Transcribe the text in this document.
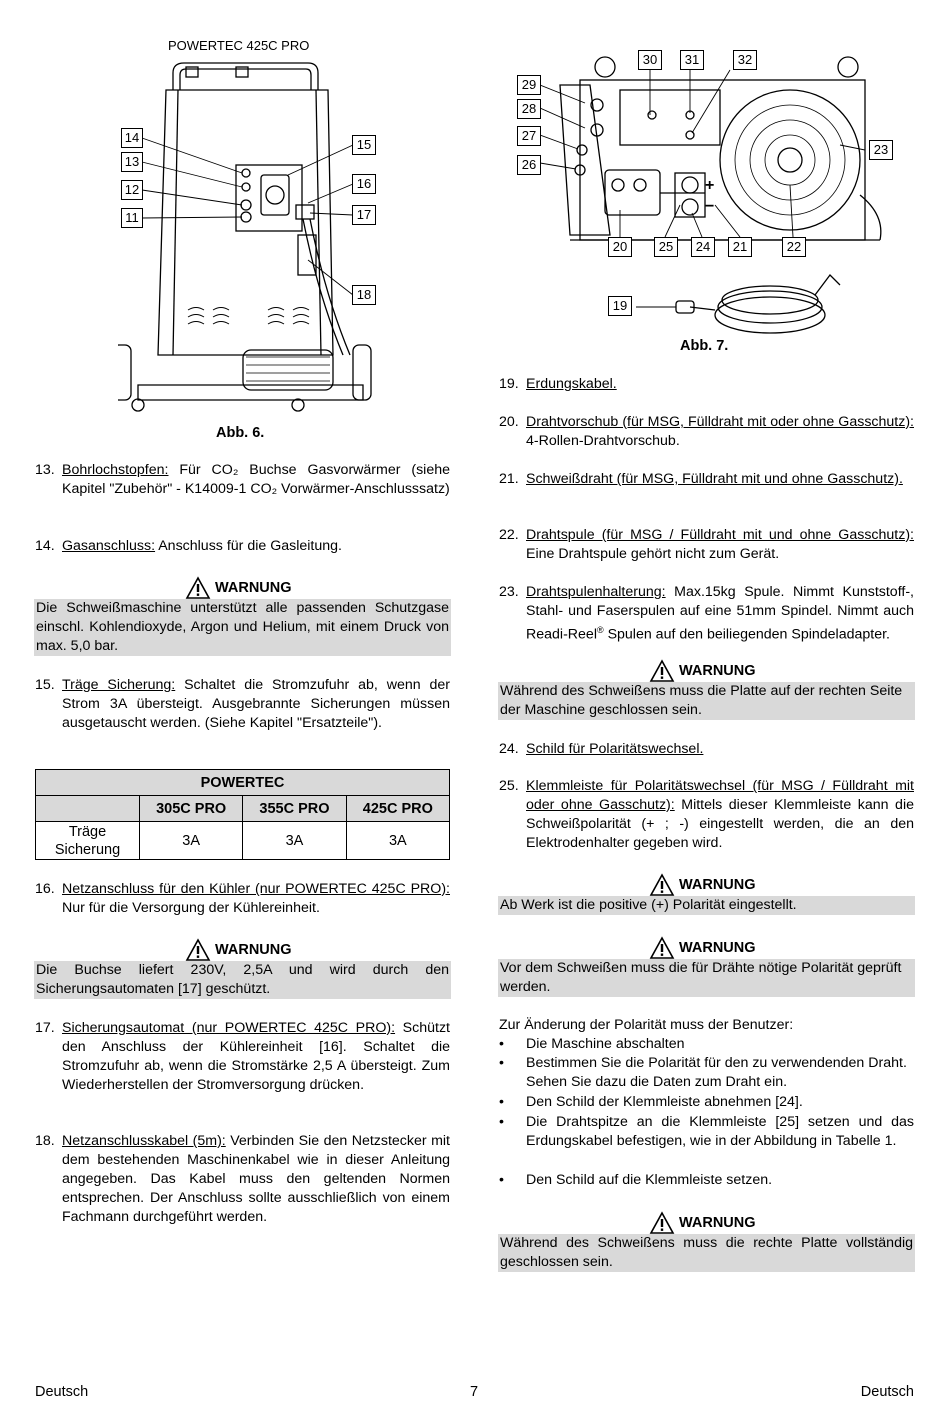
POWERTEC 425C PRO
14
13
12
11
15
16
17
18
Abb. 6.
+
−
29
28
27
26
30	31	32
23
20	25	24	21	22
19
Abb. 7.
13. Bohrlochstopfen: Für CO₂ Buchse Gasvorwärmer (siehe Kapitel "Zubehör" - K14009-1 CO₂ Vorwärmer-Anschlusssatz)
14. Gasanschluss: Anschluss für die Gasleitung.
WARNUNG
Die Schweißmaschine unterstützt alle passenden Schutzgase einschl. Kohlendioxyde, Argon und Helium, mit einem Druck von max. 5,0 bar.
15. Träge Sicherung: Schaltet die Stromzufuhr ab, wenn der Strom 3A übersteigt. Ausgebrannte Sicherungen müssen ausgetauscht werden. (Siehe Kapitel "Ersatzteile").
POWERTEC			
	305C PRO	355C PRO	425C PRO
Träge Sicherung	3A	3A	3A
16. Netzanschluss für den Kühler (nur POWERTEC 425C PRO): Nur für die Versorgung der Kühlereinheit.
WARNUNG
Die Buchse liefert 230V, 2,5A und wird durch den Sicherungsautomaten [17] geschützt.
17. Sicherungsautomat (nur POWERTEC 425C PRO): Schützt den Anschluss der Kühlereinheit [16]. Schaltet die Stromzufuhr ab, wenn die Stromstärke 2,5 A übersteigt. Zum Wiederherstellen der Stromversorgung drücken.
18. Netzanschlusskabel (5m): Verbinden Sie den Netzstecker mit dem bestehenden Maschinenkabel wie in dieser Anleitung angegeben. Das Kabel muss den geltenden Normen entsprechen. Der Anschluss sollte ausschließlich von einem Fachmann durchgeführt werden.
19. Erdungskabel.
20. Drahtvorschub (für MSG, Fülldraht mit oder ohne Gasschutz): 4-Rollen-Drahtvorschub.
21. Schweißdraht (für MSG, Fülldraht mit und ohne Gasschutz).
22. Drahtspule (für MSG / Fülldraht mit und ohne Gasschutz): Eine Drahtspule gehört nicht zum Gerät.
23. Drahtspulenhalterung: Max.15kg Spule. Nimmt Kunststoff-, Stahl- und Faserspulen auf eine 51mm Spindel. Nimmt auch Readi-Reel® Spulen auf den beiliegenden Spindeladapter.
WARNUNG
Während des Schweißens muss die Platte auf der rechten Seite der Maschine geschlossen sein.
24. Schild für Polaritätswechsel.
25. Klemmleiste für Polaritätswechsel (für MSG / Fülldraht mit oder ohne Gasschutz): Mittels dieser Klemmleiste kann die Schweißpolarität (+ ; -) eingestellt werden, die an den Elektrodenhalter gegeben wird.
WARNUNG
Ab Werk ist die positive (+) Polarität eingestellt.
WARNUNG
Vor dem Schweißen muss die für Drähte nötige Polarität geprüft werden.
Zur Änderung der Polarität muss der Benutzer:
• Die Maschine abschalten
• Bestimmen Sie die Polarität für den zu verwendenden Draht. Sehen Sie dazu die Daten zum Draht ein.
• Den Schild der Klemmleiste abnehmen [24].
• Die Drahtspitze an die Klemmleiste [25] setzen und das Erdungskabel befestigen, wie in der Abbildung in Tabelle 1.
• Den Schild auf die Klemmleiste setzen.
WARNUNG
Während des Schweißens muss die rechte Platte vollständig geschlossen sein.
Deutsch	7	Deutsch
